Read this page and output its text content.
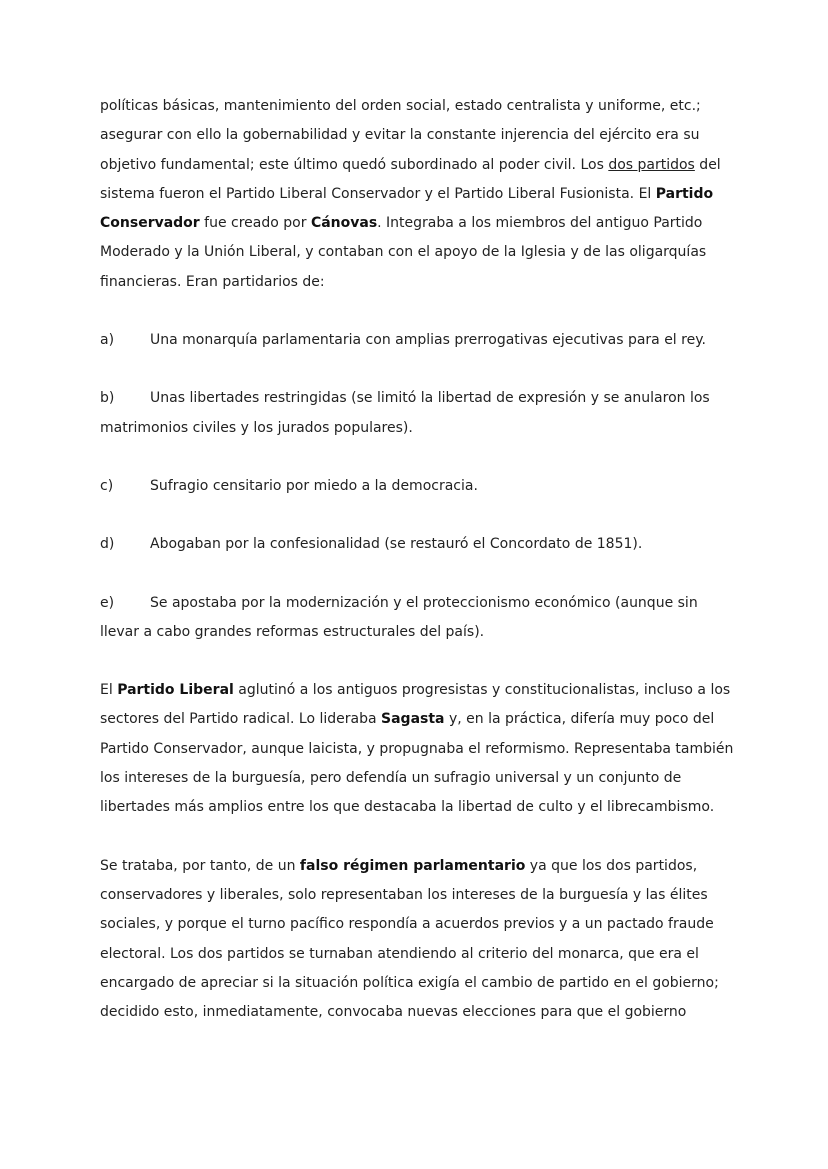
políticas básicas, mantenimiento del orden social, estado centralista y uniforme, etc.; asegurar con ello la gobernabilidad y evitar la constante injerencia del ejército era su objetivo fundamental; este último quedó subordinado al poder civil. Los dos partidos del sistema fueron el Partido Liberal Conservador y el Partido Liberal Fusionista. El Partido Conservador fue creado por Cánovas. Integraba a los miembros del antiguo Partido Moderado y la Unión Liberal, y contaban con el apoyo de la Iglesia y de las oligarquías financieras. Eran partidarios de:

a)	Una monarquía parlamentaria con amplias prerrogativas ejecutivas para el rey.

b)	Unas libertades restringidas (se limitó la libertad de expresión y se anularon los matrimonios civiles y los jurados populares).

c)	Sufragio censitario por miedo a la democracia.

d)	Abogaban por la confesionalidad (se restauró el Concordato de 1851).

e)	Se apostaba por la modernización y el proteccionismo económico (aunque sin llevar a cabo grandes reformas estructurales del país).

El Partido Liberal aglutinó a los antiguos progresistas y constitucionalistas, incluso a los sectores del Partido radical. Lo lideraba Sagasta y, en la práctica, difería muy poco del Partido Conservador, aunque laicista, y propugnaba el reformismo. Representaba también los intereses de la burguesía, pero defendía un sufragio universal y un conjunto de libertades más amplios entre los que destacaba la libertad de culto y el librecambismo.

Se trataba, por tanto, de un falso régimen parlamentario ya que los dos partidos, conservadores y liberales, solo representaban los intereses de la burguesía y las élites sociales, y porque el turno pacífico respondía a acuerdos previos y a un pactado fraude electoral. Los dos partidos se turnaban atendiendo al criterio del monarca, que era el encargado de apreciar si la situación política exigía el cambio de partido en el gobierno; decidido esto, inmediatamente, convocaba nuevas elecciones para que el gobierno
